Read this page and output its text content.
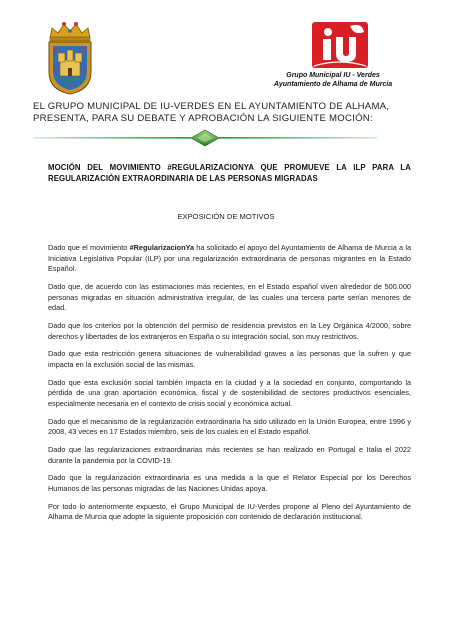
Grupo Municipal IU - Verdes
Ayuntamiento de Alhama de Murcia
EL GRUPO MUNICIPAL DE IU-VERDES EN EL AYUNTAMIENTO DE ALHAMA,
PRESENTA, PARA SU DEBATE Y APROBACIÓN LA SIGUIENTE MOCIÓN:
MOCIÓN DEL MOVIMIENTO #REGULARIZACIONYA QUE PROMUEVE LA ILP PARA LA REGULARIZACIÓN EXTRAORDINARIA DE LAS PERSONAS MIGRADAS
EXPOSICIÓN DE MOTIVOS

Dado que el movimiento #RegularizacionYa ha solicitado el apoyo del Ayuntamiento de Alhama de Murcia a la Iniciativa Legislativa Popular (ILP) por una regularización extraordinaria de personas migrantes en la Estado Español.

Dado que, de acuerdo con las estimaciones más recientes, en el Estado español viven alrededor de 500.000 personas migradas en situación administrativa irregular, de las cuales una tercera parte serían menores de edad.

Dado que los criterios por la obtención del permiso de residencia previstos en la Ley Orgánica 4/2000, sobre derechos y libertades de los extranjeros en España o su integración social, son muy restrictivos.

Dado que esta restricción genera situaciones de vulnerabilidad graves a las personas que la sufren y que impacta en la exclusión social de las mismas.

Dado que esta exclusión social también impacta en la ciudad y a la sociedad en conjunto, comportando la pérdida de una gran aportación económica, fiscal y de sostenibilidad de sectores productivos esenciales, especialmente necesaria en el contexto de crisis social y económica actual.

Dado que el mecanismo de la regularización extraordinaria ha sido utilizado en la Unión Europea, entre 1996 y 2008, 43 veces en 17 Estados miembro, seis de los cuales en el Estado español.

Dado que las regularizaciones extraordinarias más recientes se han realizado en Portugal e Italia el 2022 durante la pandemia por la COVID-19.

Dado que la regularización extraordinaria es una medida a la que el Relator Especial por los Derechos Humanos de las personas migradas de las Naciones Unidas apoya.

Por todo lo anteriormente expuesto, el Grupo Municipal de IU-Verdes propone al Pleno del Ayuntamiento de Alhama de Murcia que adopte la siguiente proposición con contenido de declaración institucional.
